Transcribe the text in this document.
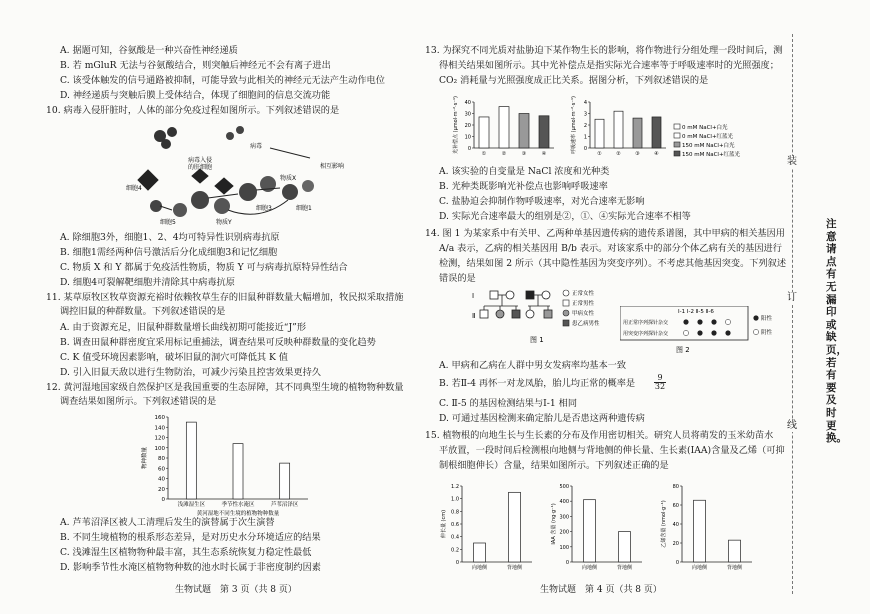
A. 据题可知，谷氨酸是一种兴奋性神经递质
B. 若 mGluR 无法与谷氨酸结合，则突触后神经元不会有离子进出
C. 该受体触发的信号通路被抑制，可能导致与此相关的神经元无法产生动作电位
D. 神经递质与突触后膜上受体结合，体现了细胞间的信息交流功能
10. 病毒入侵肝脏时，人体的部分免疫过程如图所示。下列叙述错误的是
病毒入侵
的肝细胞
病毒
相互影响
细胞4
物质X
细胞5	物质Y
细胞1
细胞3
A. 除细胞3外，细胞1、2、4均可特异性识别病毒抗原
B. 细胞1需经两种信号激活后分化成细胞3和记忆细胞
C. 物质 X 和 Y 都属于免疫活性物质，物质 Y 可与病毒抗原特异性结合
D. 细胞4可裂解靶细胞并清除其中病毒抗原
11. 某草原牧区牧草资源充裕时依赖牧草生存的旧鼠种群数量大幅增加，牧民拟采取措施
调控旧鼠的种群数量。下列叙述错误的是
A. 由于资源充足，旧鼠种群数量增长曲线初期可能接近“J”形
B. 调查田鼠种群密度宜采用标记重捕法，调查结果可反映种群数量的变化趋势
C. K 值受环境因素影响，破坏旧鼠的洞穴可降低其 K 值
D. 引入旧鼠天敌以进行生物防治，可减少污染且控害效果更持久
12. 黄河湿地国家级自然保护区是我国重要的生态屏障，其不同典型生境的植物物种数量
调查结果如图所示。下列叙述错误的是
0
20
40
60
80
100
120
140
160
浅滩湿生区	季节性水淹区	芦苇沼泽区
物种数量
黄河湿地不同生境的植物物种数量
A. 芦苇沼泽区被人工清理后发生的演替属于次生演替
B. 不同生境植物的根系形态差异，是对历史水分环境适应的结果
C. 浅滩湿生区植物物种最丰富，其生态系统恢复力稳定性最低
D. 影响季节性水淹区植物物种数的池水时长属于非密度制约因素
生物试题　第 3 页（共 8 页）
13. 为探究不同光质对盐胁迫下某作物生长的影响，将作物进行分组处理一段时间后，测
得相关结果如图所示。其中光补偿点是指实际光合速率等于呼吸速率时的光照强度；
CO₂ 消耗量与光照强度成正比关系。据图分析，下列叙述错误的是
0
10
20
30
40
①	②	③	④
光补偿点 (μmol·m⁻²·s⁻¹)	0
1
2
3
4
①	②	③	④
呼吸速率 (μmol·m⁻²·s⁻¹)	0 mM NaCl+白光
0 mM NaCl+红蓝光
150 mM NaCl+白光
150 mM NaCl+红蓝光
A. 该实验的自变量是 NaCl 浓度和光种类
B. 光种类既影响光补偿点也影响呼吸速率
C. 盐胁迫会抑制作物呼吸速率，对光合速率无影响
D. 实际光合速率最大的组别是②，①、④实际光合速率不相等
14. 图 1 为某家系中有关甲、乙两种单基因遗传病的遗传系谱图，其中甲病的相关基因用
A/a 表示，乙病的相关基因用 B/b 表示。对该家系中的部分个体乙病有关的基因进行
检测，结果如图 2 所示（其中隐性基因为突变序列）。不考虑其他基因突变。下列叙述
错误的是
Ⅰ
Ⅱ
图 1
正常女性
正常男性
甲病女性
患乙病男性
Ⅰ-1 Ⅰ-2 Ⅱ-5 Ⅱ-6
用正常序列探针杂交
用突变序列探针杂交
阳性
阴性
图 2
A. 甲病和乙病在人群中男女发病率均基本一致
B. 若Ⅱ-4 再怀一对龙凤胎，胎儿均正常的概率是
9
32
C. Ⅱ-5 的基因检测结果与Ⅰ-1 相同
D. 可通过基因检测来确定胎儿是否患这两种遗传病
15. 植物根的向地生长与生长素的分布及作用密切相关。研究人员将萌发的玉米幼苗水
平放置，一段时间后检测根向地侧与背地侧的伸长量、生长素(IAA)含量及乙烯（可抑
制根细胞伸长）含量，结果如图所示。下列叙述正确的是
1.2
1.0
0.8
0.6
0.4
0.2
0
向地侧	背地侧
伸长量 (cm)
500
400
300
200
100
0
向地侧	背地侧
IAA 含量 (ng·g⁻¹)
80
60
40
20
0
向地侧	背地侧
乙烯含量 (nmol·g⁻¹)
生物试题　第 4 页（共 8 页）
装
订
线
注意请点有无漏印或缺页，若有要及时更换。
